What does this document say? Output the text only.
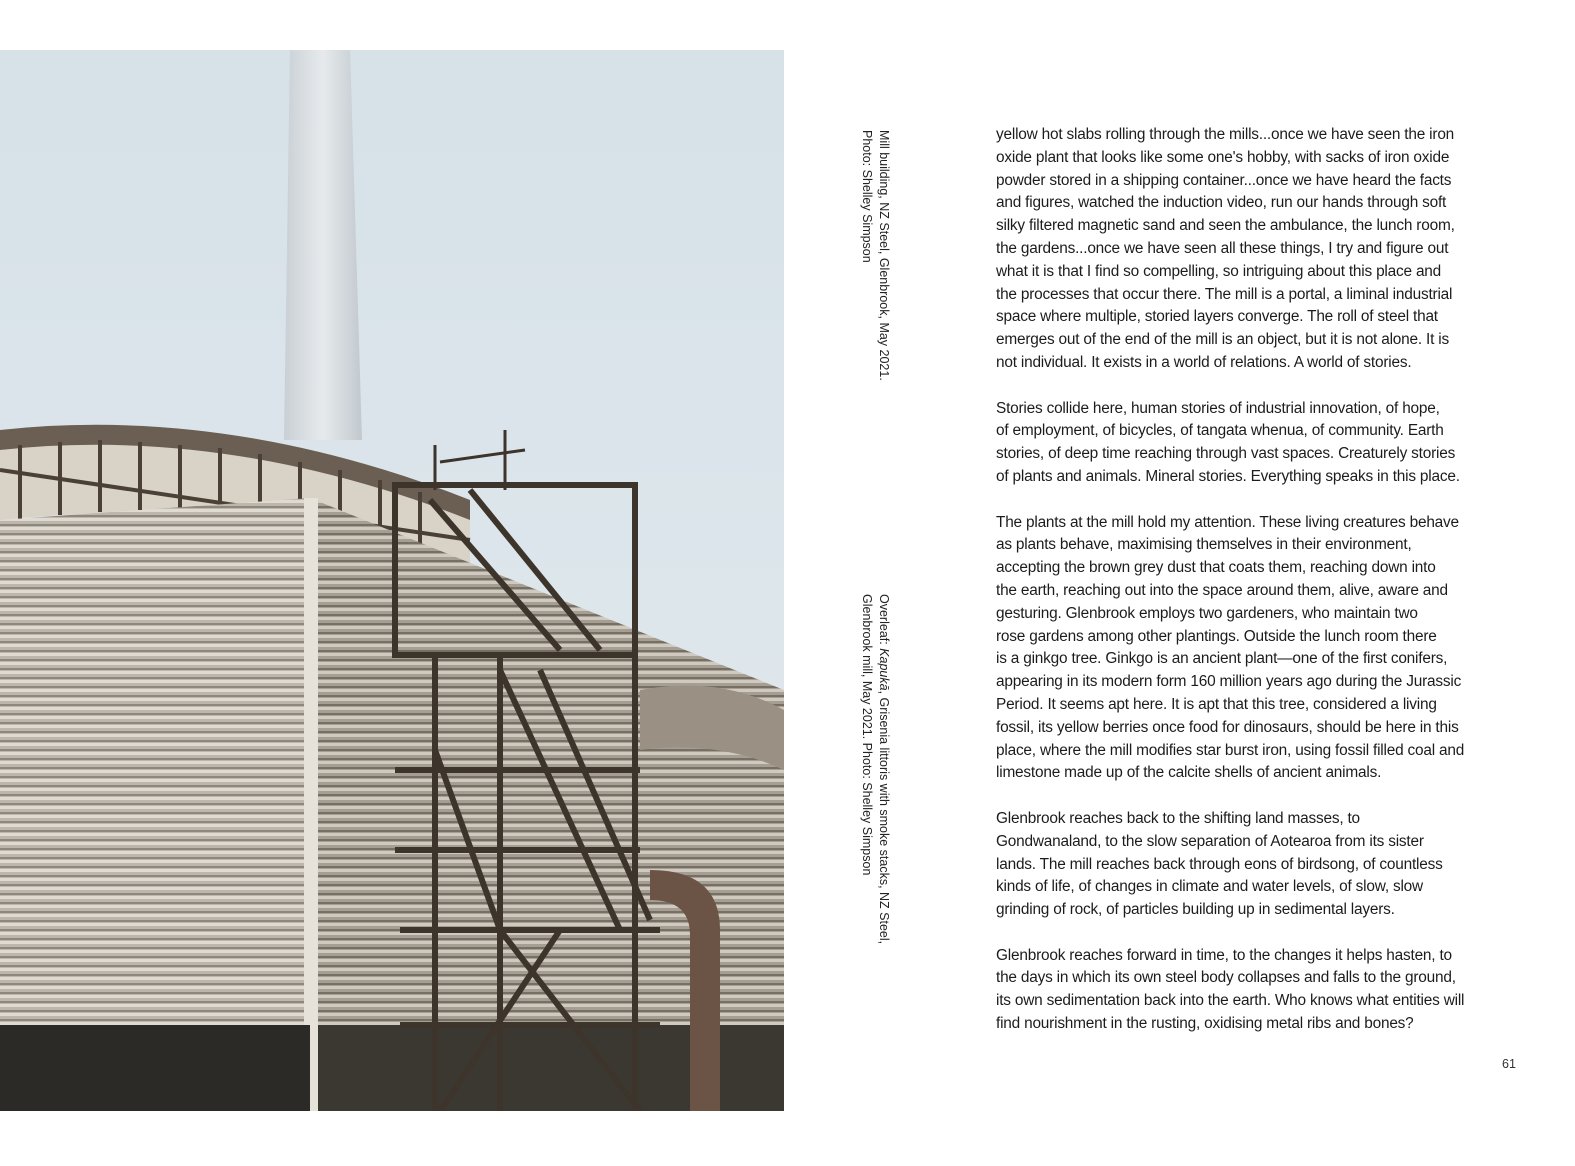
Mill building, NZ Steel, Glenbrook, May 2021.
Photo: Shelley Simpson
Overleaf: Kapukā, Grisenia littoris with smoke stacks, NZ Steel,
Glenbrook mill, May 2021. Photo: Shelley Simpson
yellow hot slabs rolling through the mills...once we have seen the iron
oxide plant that looks like some one's hobby, with sacks of iron oxide
powder stored in a shipping container...once we have heard the facts
and figures, watched the induction video, run our hands through soft
silky filtered magnetic sand and seen the ambulance, the lunch room,
the gardens...once we have seen all these things, I try and figure out
what it is that I find so compelling, so intriguing about this place and
the processes that occur there. The mill is a portal, a liminal industrial
space where multiple, storied layers converge. The roll of steel that
emerges out of the end of the mill is an object, but it is not alone. It is
not individual. It exists in a world of relations. A world of stories.
Stories collide here, human stories of industrial innovation, of hope,
of employment, of bicycles, of tangata whenua, of community. Earth
stories, of deep time reaching through vast spaces. Creaturely stories
of plants and animals. Mineral stories. Everything speaks in this place.
The plants at the mill hold my attention. These living creatures behave
as plants behave, maximising themselves in their environment,
accepting the brown grey dust that coats them, reaching down into
the earth, reaching out into the space around them, alive, aware and
gesturing. Glenbrook employs two gardeners, who maintain two
rose gardens among other plantings. Outside the lunch room there
is a ginkgo tree. Ginkgo is an ancient plant—one of the first conifers,
appearing in its modern form 160 million years ago during the Jurassic
Period. It seems apt here. It is apt that this tree, considered a living
fossil, its yellow berries once food for dinosaurs, should be here in this
place, where the mill modifies star burst iron, using fossil filled coal and
limestone made up of the calcite shells of ancient animals.
Glenbrook reaches back to the shifting land masses, to
Gondwanaland, to the slow separation of Aotearoa from its sister
lands. The mill reaches back through eons of birdsong, of countless
kinds of life, of changes in climate and water levels, of slow, slow
grinding of rock, of particles building up in sedimental layers.
Glenbrook reaches forward in time, to the changes it helps hasten, to
the days in which its own steel body collapses and falls to the ground,
its own sedimentation back into the earth. Who knows what entities will
find nourishment in the rusting, oxidising metal ribs and bones?
61
